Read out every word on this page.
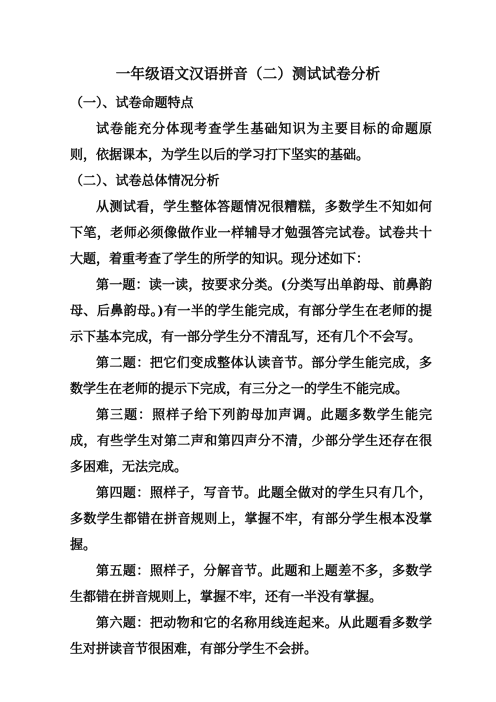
一年级语文汉语拼音（二）测试试卷分析

（一）、试卷命题特点

试卷能充分体现考查学生基础知识为主要目标的命题原则，依据课本，为学生以后的学习打下坚实的基础。

（二）、试卷总体情况分析

从测试看，学生整体答题情况很糟糕，多数学生不知如何下笔，老师必须像做作业一样辅导才勉强答完试卷。试卷共十大题，着重考查了学生的所学的知识。现分述如下：

第一题：读一读，按要求分类。(分类写出单韵母、前鼻韵母、后鼻韵母。)有一半的学生能完成，有部分学生在老师的提示下基本完成，有一部分学生分不清乱写，还有几个不会写。

第二题：把它们变成整体认读音节。部分学生能完成，多数学生在老师的提示下完成，有三分之一的学生不能完成。

第三题：照样子给下列韵母加声调。此题多数学生能完成，有些学生对第二声和第四声分不清，少部分学生还存在很多困难，无法完成。

第四题：照样子，写音节。此题全做对的学生只有几个，多数学生都错在拼音规则上，掌握不牢，有部分学生根本没掌握。

第五题：照样子，分解音节。此题和上题差不多，多数学生都错在拼音规则上，掌握不牢，还有一半没有掌握。

第六题：把动物和它的名称用线连起来。从此题看多数学生对拼读音节很困难，有部分学生不会拼。
